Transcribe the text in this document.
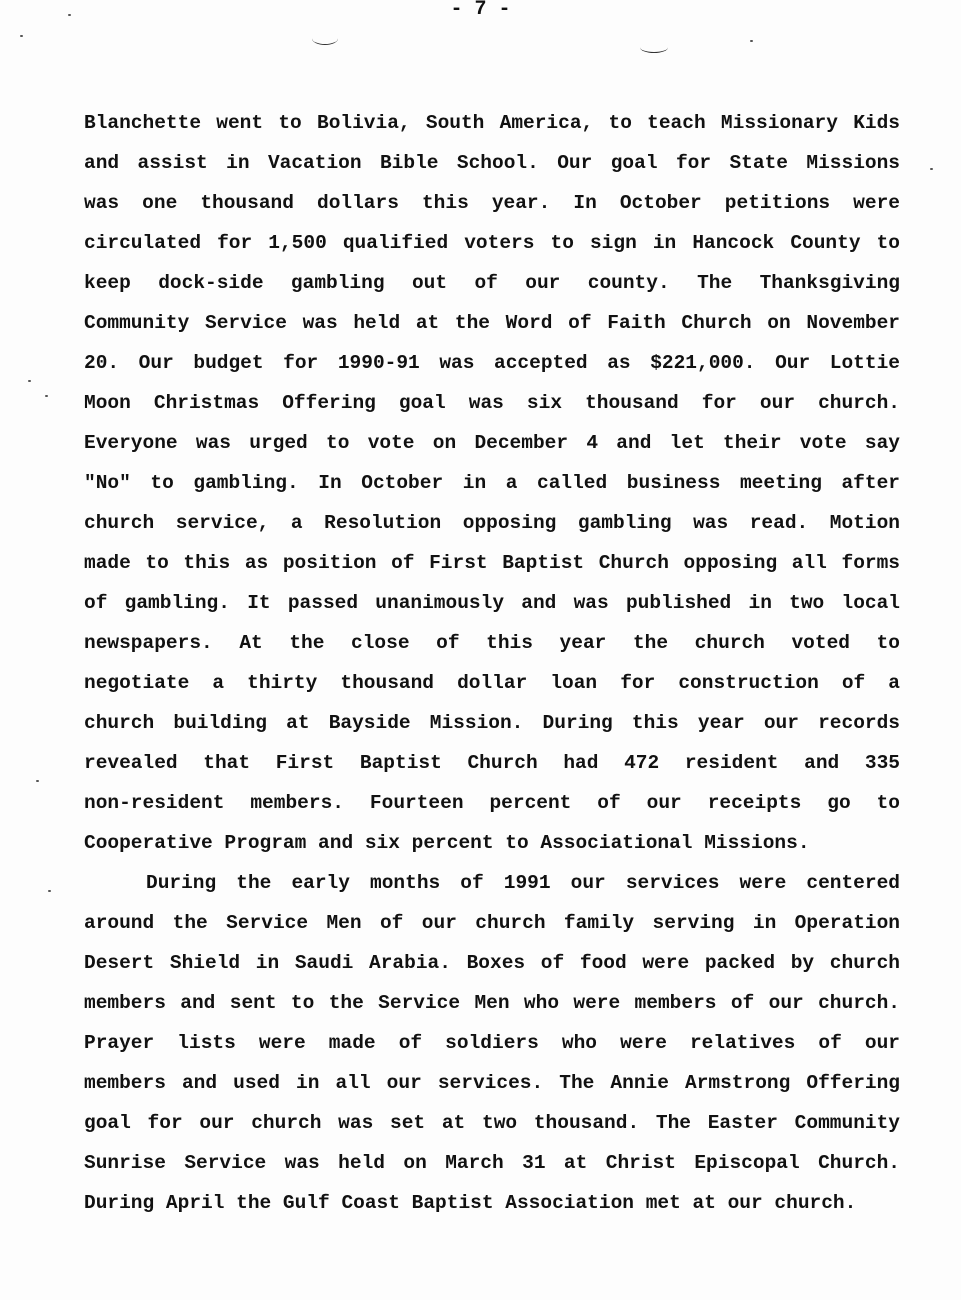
- 7 -
Blanchette went to Bolivia, South America, to teach Missionary Kids
and assist in Vacation Bible School. Our goal for State Missions
was one thousand dollars this year. In October petitions were
circulated for 1,500 qualified voters to sign in Hancock County to
keep dock-side gambling out of our county. The Thanksgiving
Community Service was held at the Word of Faith Church on November
20. Our budget for 1990-91 was accepted as $221,000. Our Lottie
Moon Christmas Offering goal was six thousand for our church.
Everyone was urged to vote on December 4 and let their vote say
"No" to gambling. In October in a called business meeting after
church service, a Resolution opposing gambling was read. Motion
made to this as position of First Baptist Church opposing all forms
of gambling. It passed unanimously and was published in two local
newspapers. At the close of this year the church voted to
negotiate a thirty thousand dollar loan for construction of a
church building at Bayside Mission. During this year our records
revealed that First Baptist Church had 472 resident and 335
non-resident members. Fourteen percent of our receipts go to
Cooperative Program and six percent to Associational Missions.
During the early months of 1991 our services were centered
around the Service Men of our church family serving in Operation
Desert Shield in Saudi Arabia. Boxes of food were packed by church
members and sent to the Service Men who were members of our church.
Prayer lists were made of soldiers who were relatives of our
members and used in all our services. The Annie Armstrong Offering
goal for our church was set at two thousand. The Easter Community
Sunrise Service was held on March 31 at Christ Episcopal Church.
During April the Gulf Coast Baptist Association met at our church.
